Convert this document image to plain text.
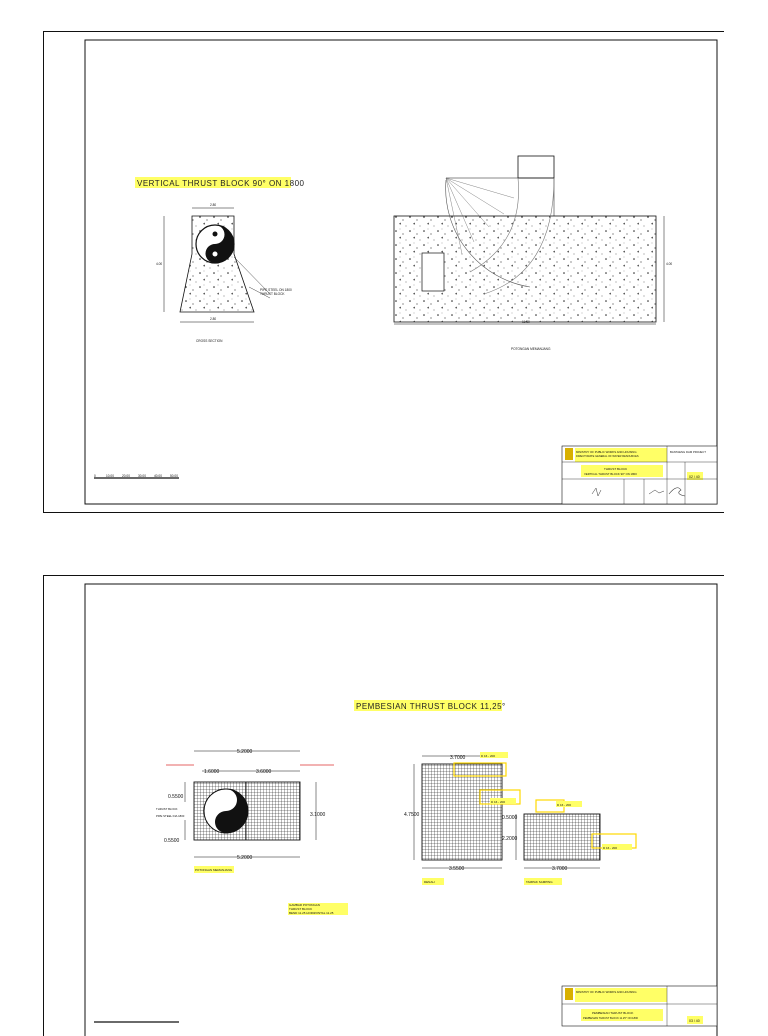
VERTICAL THRUST BLOCK 90° ON 1800
2.80
2.80
4.00
PIPE STEEL ON 1800
THRUST BLOCK
CROSS SECTION
11.30
4.00
POTONGAN MEMANJANG
0	10.00	20.00	30.00	40.00	50.00
MINISTRY OF PUBLIC WORKS AND HOUSING
DIRECTORATE GENERAL OF WATER RESOURCES
THRUST BLOCK
VERTICAL THRUST BLOCK 90° ON 1800
02 / 40
BANTAENG DAM PROJECT
PEMBESIAN THRUST BLOCK 11,25°
5.2000
1.6000	3.6000
5.2000
3.1000
0.5500
0.5500
THRUST BLOCK
PIPE STEEL DIA.1800
POTONGAN MEMANJANG
3.7000
4.7500
3.5500
D 16 - 200
D 16 - 200
DENAH
2.2000
0.5000
3.7000
D 16 - 200
D 16 - 200
TAMPAK SAMPING
GAMBAR POTONGAN
THRUST BLOCK
BEND 11.25 HORIZONTAL 11.25
MINISTRY OF PUBLIC WORKS AND HOUSING
PEMBESIAN THRUST BLOCK
PEMBESIAN THRUST BLOCK 11.25° ON 1800
03 / 40
